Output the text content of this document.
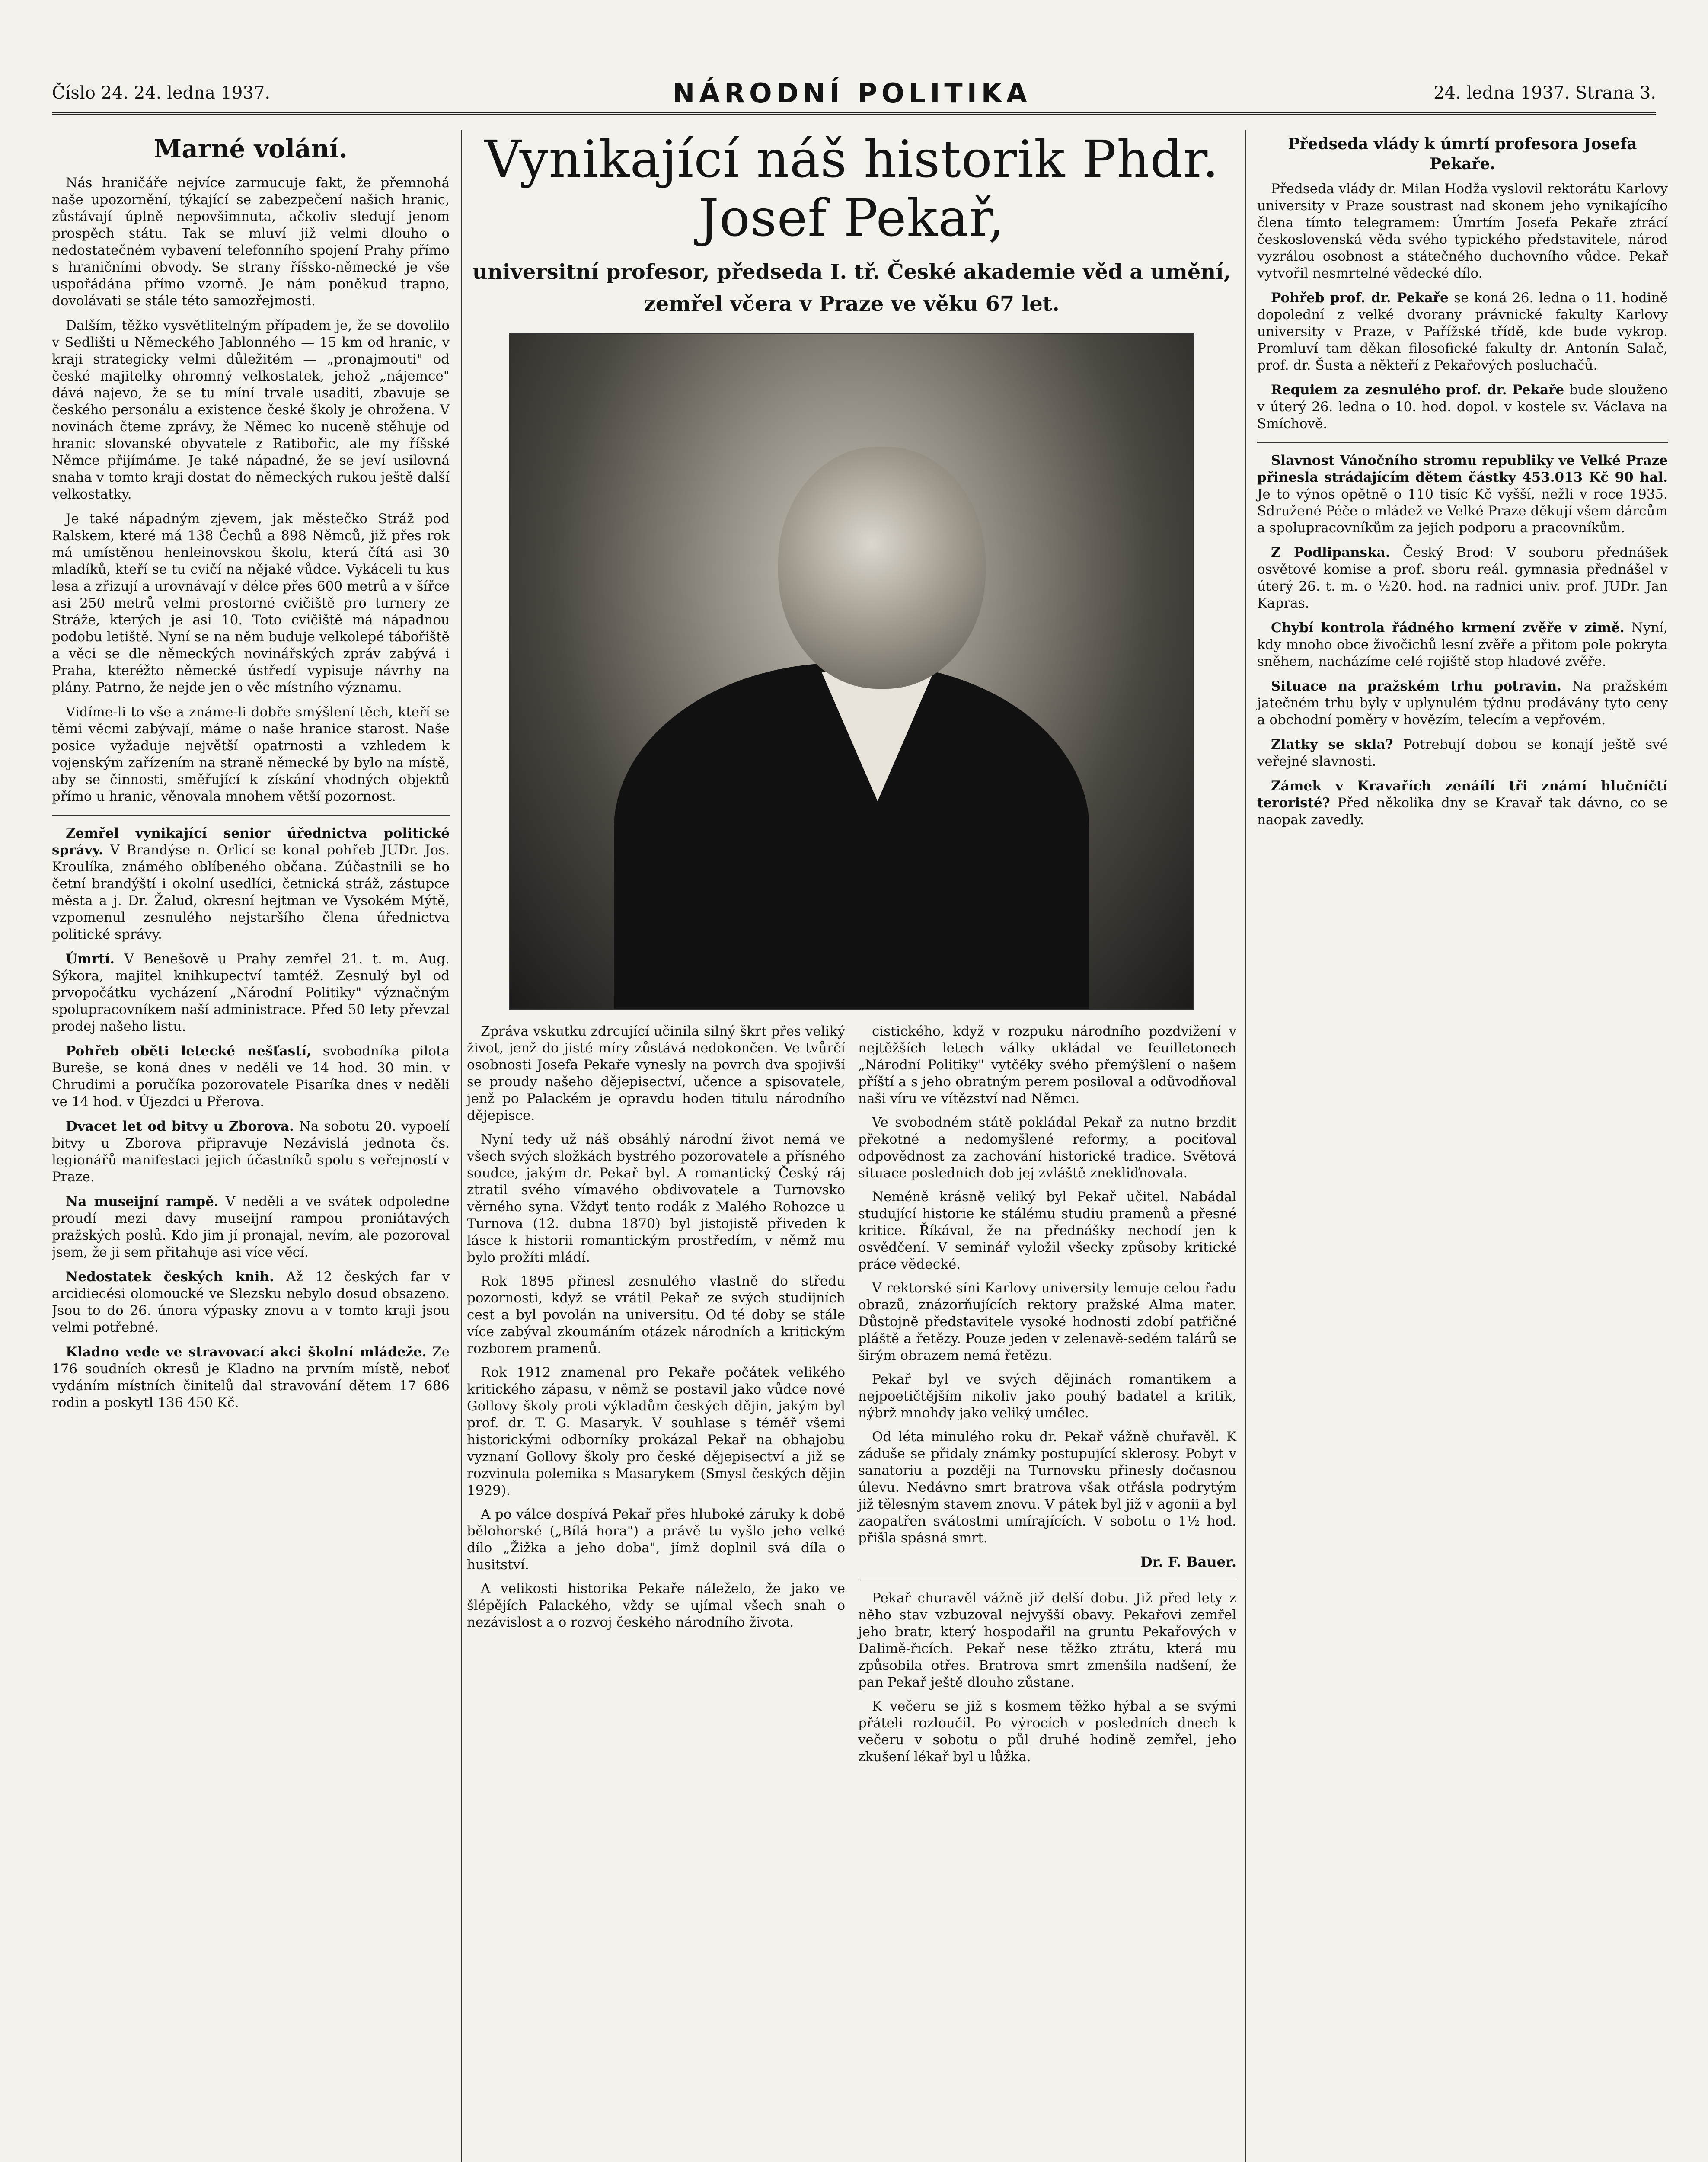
Číslo 24. 24. ledna 1937.	NÁRODNÍ POLITIKA	24. ledna 1937. Strana 3.
Marné volání.

Nás hraničáře nejvíce zarmucuje fakt, že přemnohá naše upozornění, týkající se zabezpečení našich hranic, zůstávají úplně nepovšimnuta, ačkoliv sledují jenom prospěch státu. Tak se mluví již velmi dlouho o nedostatečném vybavení telefonního spojení Prahy přímo s hraničními obvody. Se strany říšsko-německé je vše uspořádána přímo vzorně. Je nám poněkud trapno, dovolávati se stále této samozřejmosti.

Dalším, těžko vysvětlitelným případem je, že se dovolilo v Sedlišti u Německého Jablonného — 15 km od hranic, v kraji strategicky velmi důležitém — „pronajmouti" od české majitelky ohromný velkostatek, jehož „nájemce" dává najevo, že se tu míní trvale usaditi, zbavuje se českého personálu a existence české školy je ohrožena. V novinách čteme zprávy, že Němec ko nuceně stěhuje od hranic slovanské obyvatele z Ratibořic, ale my říšské Němce přijímáme. Je také nápadné, že se jeví usilovná snaha v tomto kraji dostat do německých rukou ještě další velkostatky.

Je také nápadným zjevem, jak městečko Stráž pod Ralskem, které má 138 Čechů a 898 Němců, již přes rok má umístěnou henleinovskou školu, která čítá asi 30 mladíků, kteří se tu cvičí na nějaké vůdce. Vykáceli tu kus lesa a zřizují a urovnávají v délce přes 600 metrů a v šířce asi 250 metrů velmi prostorné cvičiště pro turnery ze Stráže, kterých je asi 10. Toto cvičiště má nápadnou podobu letiště. Nyní se na něm buduje velkolepé tábořiště a věci se dle německých novinářských zpráv zabývá i Praha, kteréžto německé ústředí vypisuje návrhy na plány. Patrno, že nejde jen o věc místního významu.

Vidíme-li to vše a známe-li dobře smýšlení těch, kteří se těmi věcmi zabývají, máme o naše hranice starost. Naše posice vyžaduje největší opatrnosti a vzhledem k vojenským zařízením na straně německé by bylo na místě, aby se činnosti, směřující k získání vhodných objektů přímo u hranic, věnovala mnohem větší pozornost.

Zemřel vynikající senior úřednictva politické správy. V Brandýse n. Orlicí se konal pohřeb JUDr. Jos. Kroulíka, známého oblíbeného občana. Zúčastnili se ho četní brandýští i okolní usedlíci, četnická stráž, zástupce města a j. Dr. Žalud, okresní hejtman ve Vysokém Mýtě, vzpomenul zesnulého nejstaršího člena úřednictva politické správy.

Úmrtí. V Benešově u Prahy zemřel 21. t. m. Aug. Sýkora, majitel knihkupectví tamtéž. Zesnulý byl od prvopočátku vycházení „Národní Politiky" význačným spolupracovníkem naší administrace. Před 50 lety převzal prodej našeho listu.

Pohřeb oběti letecké nešťastí, svobodníka pilota Bureše, se koná dnes v neděli ve 14 hod. 30 min. v Chrudimi a poručíka pozorovatele Pisaríka dnes v neděli ve 14 hod. v Újezdci u Přerova.

Dvacet let od bitvy u Zborova. Na sobotu 20. vypoelí bitvy u Zborova připravuje Nezávislá jednota čs. legionářů manifestaci jejich účastníků spolu s veřejností v Praze.

Na museijní rampě. V neděli a ve svátek odpoledne proudí mezi davy museijní rampou proniátavých pražských poslů. Kdo jim jí pronajal, nevím, ale pozoroval jsem, že ji sem přitahuje asi více věcí.

Nedostatek českých knih. Až 12 českých far v arcidiecési olomoucké ve Slezsku nebylo dosud obsazeno. Jsou to do 26. února výpasky znovu a v tomto kraji jsou velmi potřebné.

Kladno vede ve stravovací akci školní mládeže. Ze 176 soudních okresů je Kladno na prvním místě, neboť vydáním místních činitelů dal stravování dětem 17 686 rodin a poskytl 136 450 Kč.

Vynikající náš historik Phdr. Josef Pekař,
universitní profesor, předseda I. tř. České akademie věd a umění, zemřel včera v Praze ve věku 67 let.

Zpráva vskutku zdrcující učinila silný škrt přes veliký život, jenž do jisté míry zůstává nedokončen. Ve tvůrčí osobnosti Josefa Pekaře vynesly na povrch dva spojivší se proudy našeho dějepisectví, učence a spisovatele, jenž po Palackém je opravdu hoden titulu národního dějepisce.

Nyní tedy už náš obsáhlý národní život nemá ve všech svých složkách bystrého pozorovatele a přísného soudce, jakým dr. Pekař byl. A romantický Český ráj ztratil svého vímavého obdivovatele a Turnovsko věrného syna. Vždyť tento rodák z Malého Rohozce u Turnova (12. dubna 1870) byl jistojistě přiveden k lásce k historii romantickým prostředím, v němž mu bylo prožíti mládí.

Rok 1895 přinesl zesnulého vlastně do středu pozornosti, když se vrátil Pekař ze svých studijních cest a byl povolán na universitu. Od té doby se stále více zabýval zkoumáním otázek národních a kritickým rozborem pramenů.

Rok 1912 znamenal pro Pekaře počátek velikého kritického zápasu, v němž se postavil jako vůdce nové Gollovy školy proti výkladům českých dějin, jakým byl prof. dr. T. G. Masaryk. V souhlase s téměř všemi historickými odborníky prokázal Pekař na obhajobu vyznaní Gollovy školy pro české dějepisectví a již se rozvinula polemika s Masarykem (Smysl českých dějin 1929).

A po válce dospívá Pekař přes hluboké záruky k době bělohorské („Bílá hora") a právě tu vyšlo jeho velké dílo „Žižka a jeho doba", jímž doplnil svá díla o husitství.

A velikosti historika Pekaře náleželo, že jako ve šlépějích Palackého, vždy se ujímal všech snah o nezávislost a o rozvoj českého národního života.

cistického, když v rozpuku národního pozdvižení v nejtěžších letech války ukládal ve feuilletonech „Národní Politiky" vytčěky svého přemýšlení o našem příští a s jeho obratným perem posiloval a odůvodňoval naši víru ve vítězství nad Němci.

Ve svobodném státě pokládal Pekař za nutno brzdit překotné a nedomyšlené reformy, a pociťoval odpovědnost za zachování historické tradice. Světová situace posledních dob jej zvláště znekliďnovala.

Neméně krásně veliký byl Pekař učitel. Nabádal studující historie ke stálému studiu pramenů a přesné kritice. Říkával, že na přednášky nechodí jen k osvědčení. V seminář vyložil všecky způsoby kritické práce vědecké.

V rektorské síni Karlovy university lemuje celou řadu obrazů, znázorňujících rektory pražské Alma mater. Důstojně představitele vysoké hodnosti zdobí patřičné pláště a řetězy. Pouze jeden v zelenavě-sedém talárů se širým obrazem nemá řetězu.

Pekař byl ve svých dějinách romantikem a nejpoetičtějším nikoliv jako pouhý badatel a kritik, nýbrž mnohdy jako veliký umělec.

Od léta minulého roku dr. Pekař vážně chuřavěl. K záduše se přidaly známky postupující sklerosy. Pobyt v sanatoriu a později na Turnovsku přinesly dočasnou úlevu. Nedávno smrt bratrova však otřásla podrytým již tělesným stavem znovu. V pátek byl již v agonii a byl zaopatřen svátostmi umírajících. V sobotu o 1½ hod. přišla spásná smrt.

Dr. F. Bauer.

Pekař churavěl vážně již delší dobu. Již před lety z něho stav vzbuzoval nejvyšší obavy. Pekařovi zemřel jeho bratr, který hospodařil na gruntu Pekařových v Dalimě-řicích. Pekař nese těžko ztrátu, která mu způsobila otřes. Bratrova smrt zmenšila nadšení, že pan Pekař ještě dlouho zůstane.

K večeru se již s kosmem těžko hýbal a se svými přáteli rozloučil. Po výrocích v posledních dnech k večeru v sobotu o půl druhé hodině zemřel, jeho zkušení lékař byl u lůžka.

Předseda vlády k úmrtí profesora Josefa Pekaře.

Předseda vlády dr. Milan Hodža vyslovil rektorátu Karlovy university v Praze soustrast nad skonem jeho vynikajícího člena tímto telegramem: Úmrtím Josefa Pekaře ztrácí československá věda svého typického představitele, národ vyzrálou osobnost a státečného duchovního vůdce. Pekař vytvořil nesmrtelné vědecké dílo.

Pohřeb prof. dr. Pekaře se koná 26. ledna o 11. hodině dopolední z velké dvorany právnické fakulty Karlovy university v Praze, v Pařížské třídě, kde bude vykrop. Promluví tam děkan filosofické fakulty dr. Antonín Salač, prof. dr. Šusta a někteří z Pekařových posluchačů.

Requiem za zesnulého prof. dr. Pekaře bude slouženo v úterý 26. ledna o 10. hod. dopol. v kostele sv. Václava na Smíchově.

Slavnost Vánočního stromu republiky ve Velké Praze přinesla strádajícím dětem částky 453.013 Kč 90 hal. Je to výnos opětně o 110 tisíc Kč vyšší, nežli v roce 1935. Sdružené Péče o mládež ve Velké Praze děkují všem dárcům a spolupracovníkům za jejich podporu a pracovníkům.

Z Podlipanska. Český Brod: V souboru přednášek osvětové komise a prof. sboru reál. gymnasia přednášel v úterý 26. t. m. o ½20. hod. na radnici univ. prof. JUDr. Jan Kapras.

Chybí kontrola řádného krmení zvěře v zimě. Nyní, kdy mnoho obce živočichů lesní zvěře a přitom pole pokryta sněhem, nacházíme celé rojiště stop hladové zvěře.

Situace na pražském trhu potravin. Na pražském jatečném trhu byly v uplynulém týdnu prodávány tyto ceny a obchodní poměry v hovězím, telecím a vepřovém.

Zlatky se skla? Potrebují dobou se konají ještě své veřejné slavnosti.

Zámek v Kravařích zenáílí tři známí hlučníčtí teroristé? Před několika dny se Kravař tak dávno, co se naopak zavedly.
